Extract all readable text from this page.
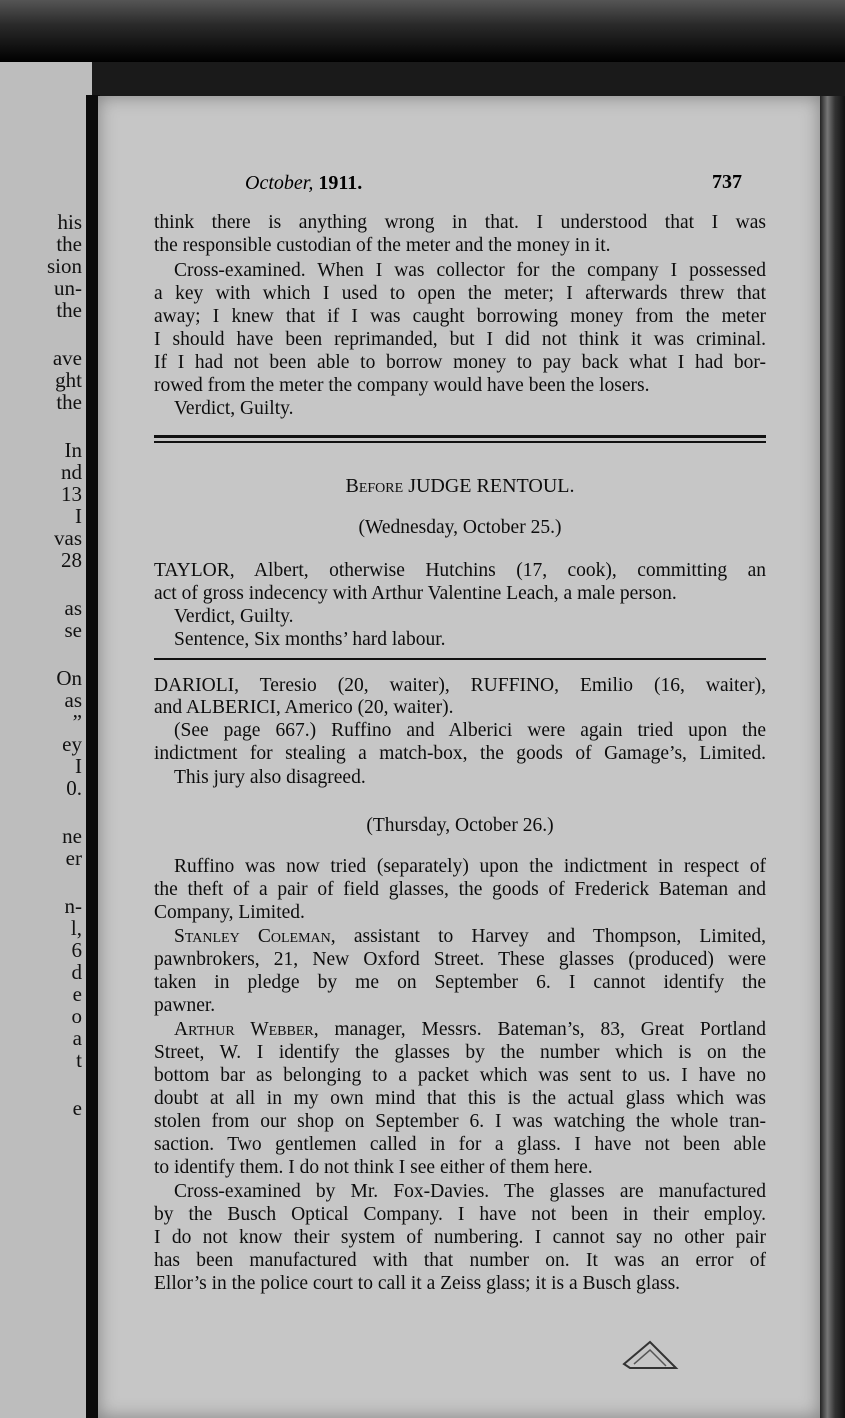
his
the
sion
un-
the
ave
ght
the
In
nd
13
I
vas
28
as
se
On
as
”
ey
I
0.
ne
er
n-
l,
6
d
e
o
a
t
e
October, 1911.	737
think there is anything wrong in that. I understood that I was
the responsible custodian of the meter and the money in it.
Cross-examined. When I was collector for the company I possessed
a key with which I used to open the meter; I afterwards threw that
away; I knew that if I was caught borrowing money from the meter
I should have been reprimanded, but I did not think it was criminal.
If I had not been able to borrow money to pay back what I had bor-
rowed from the meter the company would have been the losers.
Verdict, Guilty.
Before JUDGE RENTOUL.
(Wednesday, October 25.)
TAYLOR, Albert, otherwise Hutchins (17, cook), committing an
act of gross indecency with Arthur Valentine Leach, a male person.
Verdict, Guilty.
Sentence, Six months’ hard labour.
DARIOLI, Teresio (20, waiter), RUFFINO, Emilio (16, waiter),
and ALBERICI, Americo (20, waiter).
(See page 667.) Ruffino and Alberici were again tried upon the
indictment for stealing a match-box, the goods of Gamage’s, Limited.
This jury also disagreed.
(Thursday, October 26.)
Ruffino was now tried (separately) upon the indictment in respect of
the theft of a pair of field glasses, the goods of Frederick Bateman and
Company, Limited.
Stanley Coleman, assistant to Harvey and Thompson, Limited,
pawnbrokers, 21, New Oxford Street. These glasses (produced) were
taken in pledge by me on September 6. I cannot identify the
pawner.
Arthur Webber, manager, Messrs. Bateman’s, 83, Great Portland
Street, W. I identify the glasses by the number which is on the
bottom bar as belonging to a packet which was sent to us. I have no
doubt at all in my own mind that this is the actual glass which was
stolen from our shop on September 6. I was watching the whole tran-
saction. Two gentlemen called in for a glass. I have not been able
to identify them. I do not think I see either of them here.
Cross-examined by Mr. Fox-Davies. The glasses are manufactured
by the Busch Optical Company. I have not been in their employ.
I do not know their system of numbering. I cannot say no other pair
has been manufactured with that number on. It was an error of
Ellor’s in the police court to call it a Zeiss glass; it is a Busch glass.
